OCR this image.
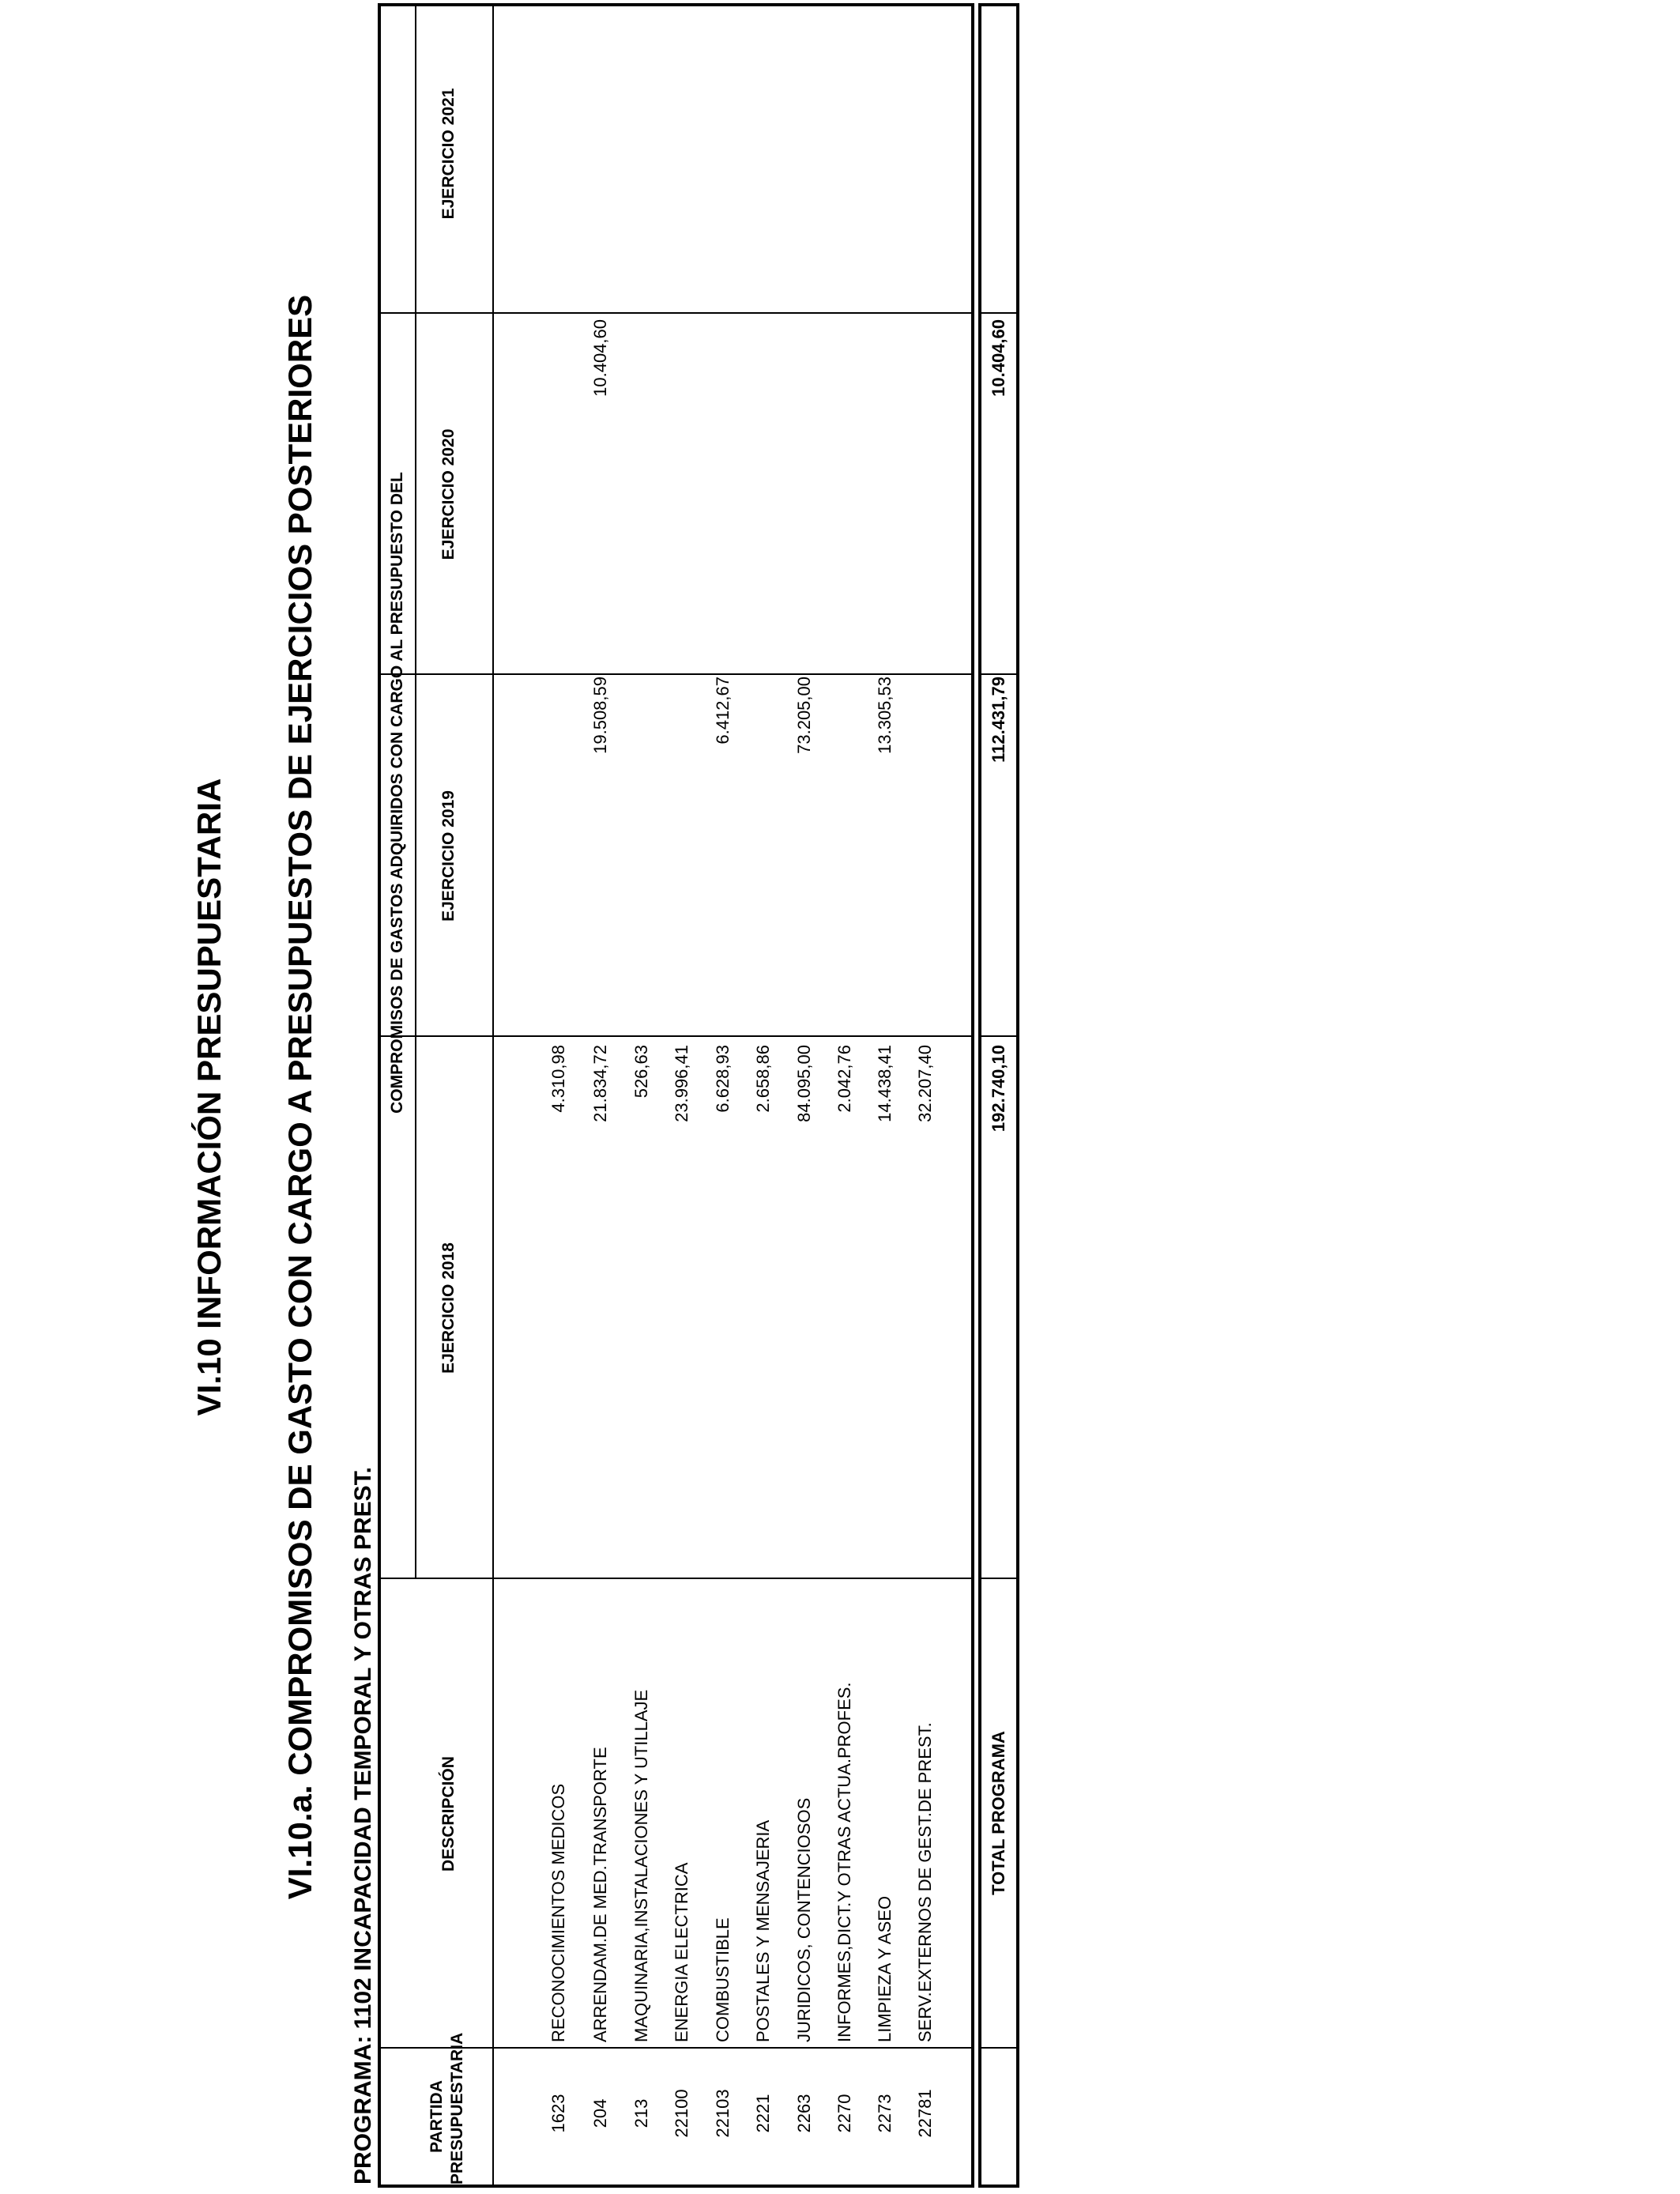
VI.10 INFORMACIÓN PRESUPUESTARIA VI.10.a. COMPROMISOS DE GASTO CON CARGO A PRESUPUESTOS DE EJERCICIOS POSTERIORES PROGRAMA: 1102 INCAPACIDAD TEMPORAL Y OTRAS PREST.	PARTIDA PRESUPUESTARIA
DESCRIPCIÓN
COMPROMISOS DE GASTOS ADQUIRIDOS CON CARGO AL PRESUPUESTO DEL
EJERCICIO 2018
EJERCICIO 2019
EJERCICIO 2020
EJERCICIO 2021
1623
RECONOCIMIENTOS MEDICOS
4.310,98
204
ARRENDAM.DE MED.TRANSPORTE
21.834,72
19.508,59
10.404,60
213
MAQUINARIA,INSTALACIONES Y UTILLAJE
526,63
22100
ENERGIA ELECTRICA
23.996,41
22103
COMBUSTIBLE
6.628,93
6.412,67
2221
POSTALES Y MENSAJERIA
2.658,86
2263
JURIDICOS, CONTENCIOSOS
84.095,00
73.205,00
2270
INFORMES,DICT.Y OTRAS ACTUA.PROFES.
2.042,76
2273
LIMPIEZA Y ASEO
14.438,41
13.305,53
22781
SERV.EXTERNOS DE GEST.DE PREST.
32.207,40
TOTAL PROGRAMA
192.740,10
112.431,79
10.404,60
